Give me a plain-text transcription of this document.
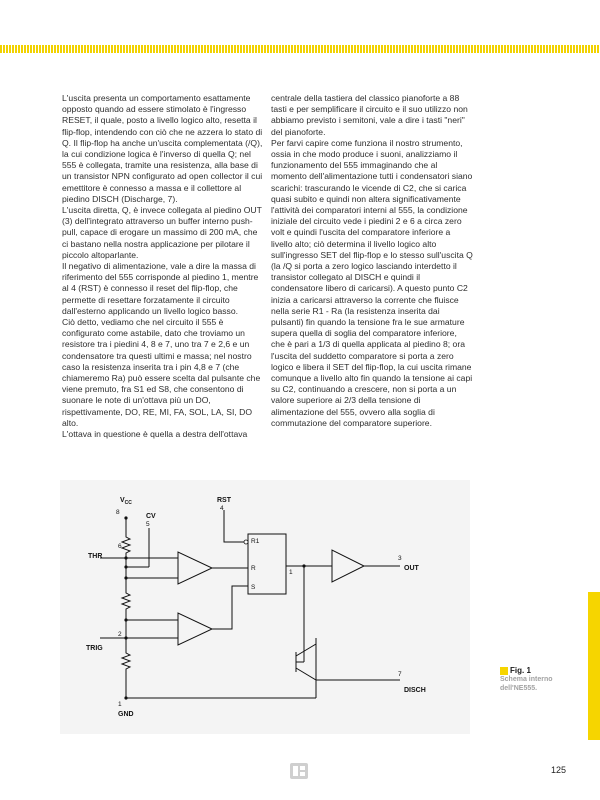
L'uscita presenta un comportamento esattamente opposto quando ad essere stimolato è l'ingresso RESET, il quale, posto a livello logico alto, resetta il flip-flop, intendendo con ciò che ne azzera lo stato di Q. Il flip-flop ha anche un'uscita complementata (/Q), la cui condizione logica è l'inverso di quella Q; nel 555 è collegata, tramite una resistenza, alla base di un transistor NPN configurato ad open collector il cui emettitore è connesso a massa e il collettore al piedino DISCH (Discharge, 7).

L'uscita diretta, Q, è invece collegata al piedino OUT (3) dell'integrato attraverso un buffer interno push-pull, capace di erogare un massimo di 200 mA, che ci bastano nella nostra applicazione per pilotare il piccolo altoparlante.

Il negativo di alimentazione, vale a dire la massa di riferimento del 555 corrisponde al piedino 1, mentre al 4 (RST) è connesso il reset del flip-flop, che permette di resettare forzatamente il circuito dall'esterno applicando un livello logico basso.

Ciò detto, vediamo che nel circuito il 555 è configurato come astabile, dato che troviamo un resistore tra i piedini 4, 8 e 7, uno tra 7 e 2,6 e un condensatore tra questi ultimi e massa; nel nostro caso la resistenza inserita tra i pin 4,8 e 7 (che chiameremo Ra) può essere scelta dal pulsante che viene premuto, fra S1 ed S8, che consentono di suonare le note di un'ottava più un DO, rispettivamente, DO, RE, MI, FA, SOL, LA, SI, DO alto.

L'ottava in questione è quella a destra dell'ottava

centrale della tastiera del classico pianoforte a 88 tasti e per semplificare il circuito e il suo utilizzo non abbiamo previsto i semitoni, vale a dire i tasti "neri" del pianoforte.

Per farvi capire come funziona il nostro strumento, ossia in che modo produce i suoni, analizziamo il funzionamento del 555 immaginando che al momento dell'alimentazione tutti i condensatori siano scarichi: trascurando le vicende di C2, che si carica quasi subito e quindi non altera significativamente l'attività dei comparatori interni al 555, la condizione iniziale del circuito vede i piedini 2 e 6 a circa zero volt e quindi l'uscita del comparatore inferiore a livello alto; ciò determina il livello logico alto sull'ingresso SET del flip-flop e lo stesso sull'uscita Q (la /Q si porta a zero logico lasciando interdetto il transistor collegato al DISCH e quindi il condensatore libero di caricarsi). A questo punto C2 inizia a caricarsi attraverso la corrente che fluisce nella serie R1 - Ra (la resistenza inserita dai pulsanti) fin quando la tensione fra le sue armature supera quella di soglia del comparatore inferiore, che è pari a 1/3 di quella applicata al piedino 8; ora l'uscita del suddetto comparatore si porta a zero logico e libera il SET del flip-flop, la cui uscita rimane comunque a livello alto fin quando la tensione ai capi su C2, continuando a crescere, non si porta a un valore superiore ai 2/3 della tensione di alimentazione del 555, ovvero alla soglia di commutazione del comparatore superiore.

$V_{CC}$
8
CV
5
RST
4
THR
6
TRIG
2
1
GND
3
OUT
7
DISCH
R1
R
S
1
Fig. 1
Schema interno dell'NE555.
125
